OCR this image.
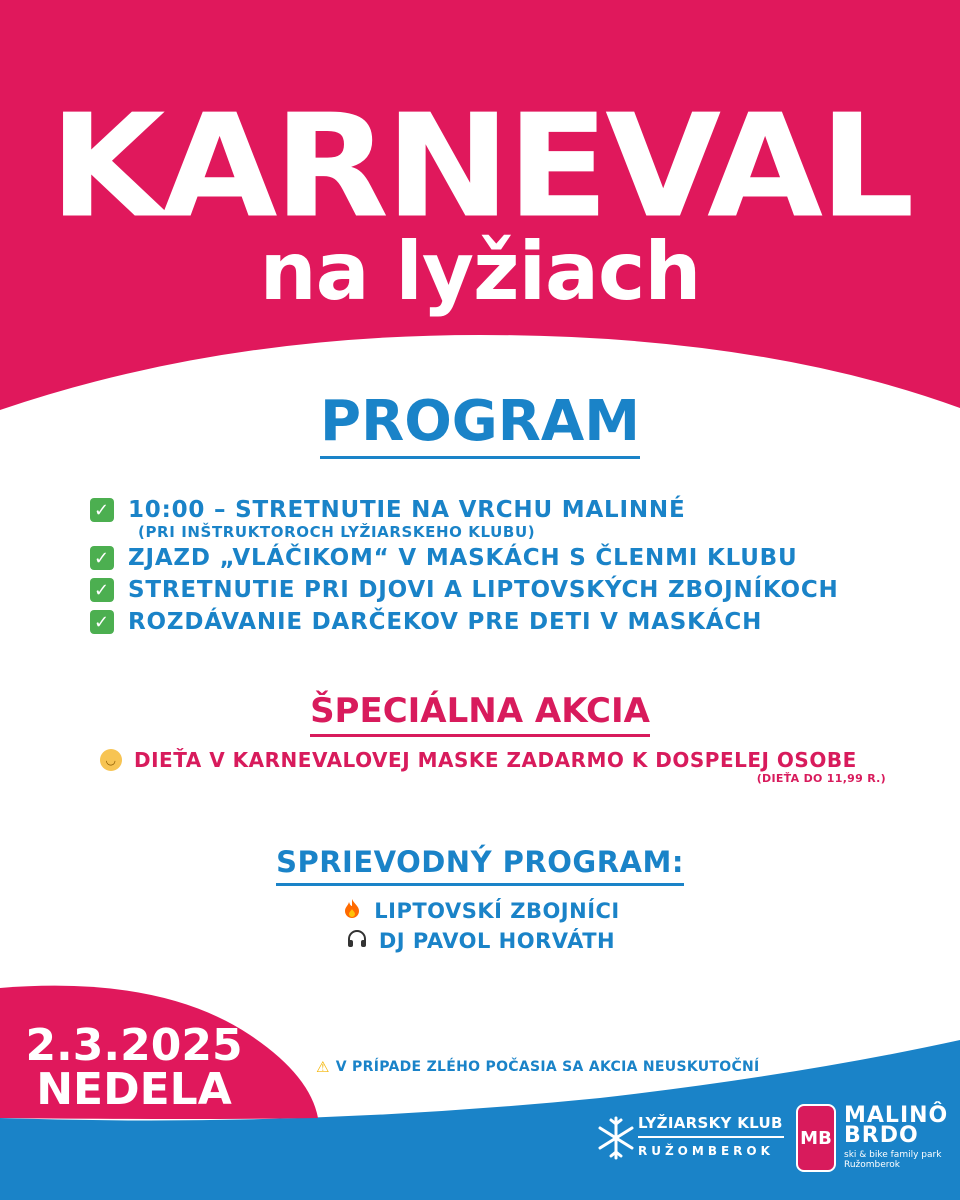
KARNEVAL
na lyžiach
PROGRAM
✓ 10:00 – STRETNUTIE NA VRCHU MALINNÉ
(PRI INŠTRUKTOROCH LYŽIARSKEHO KLUBU)
✓ ZJAZD „VLÁČIKOM“ V MASKÁCH S ČLENMI KLUBU
✓ STRETNUTIE PRI DJOVI A LIPTOVSKÝCH ZBOJNÍKOCH
✓ ROZDÁVANIE DARČEKOV PRE DETI V MASKÁCH
ŠPECIÁLNA AKCIA
◡ DIEŤA V KARNEVALOVEJ MASKE ZADARMO K DOSPELEJ OSOBE
(DIEŤA DO 11,99 R.)
SPRIEVODNÝ PROGRAM:
LIPTOVSKÍ ZBOJNÍCI
DJ PAVOL HORVÁTH
2.3.2025
NEDELA	⚠ V PRÍPADE ZLÉHO POČASIA SA AKCIA NEUSKUTOČNÍ
LYŽIARSKY KLUB
RUŽOMBEROK
MB
MALINÔ
BRDO
ski & bike family park
Ružomberok
